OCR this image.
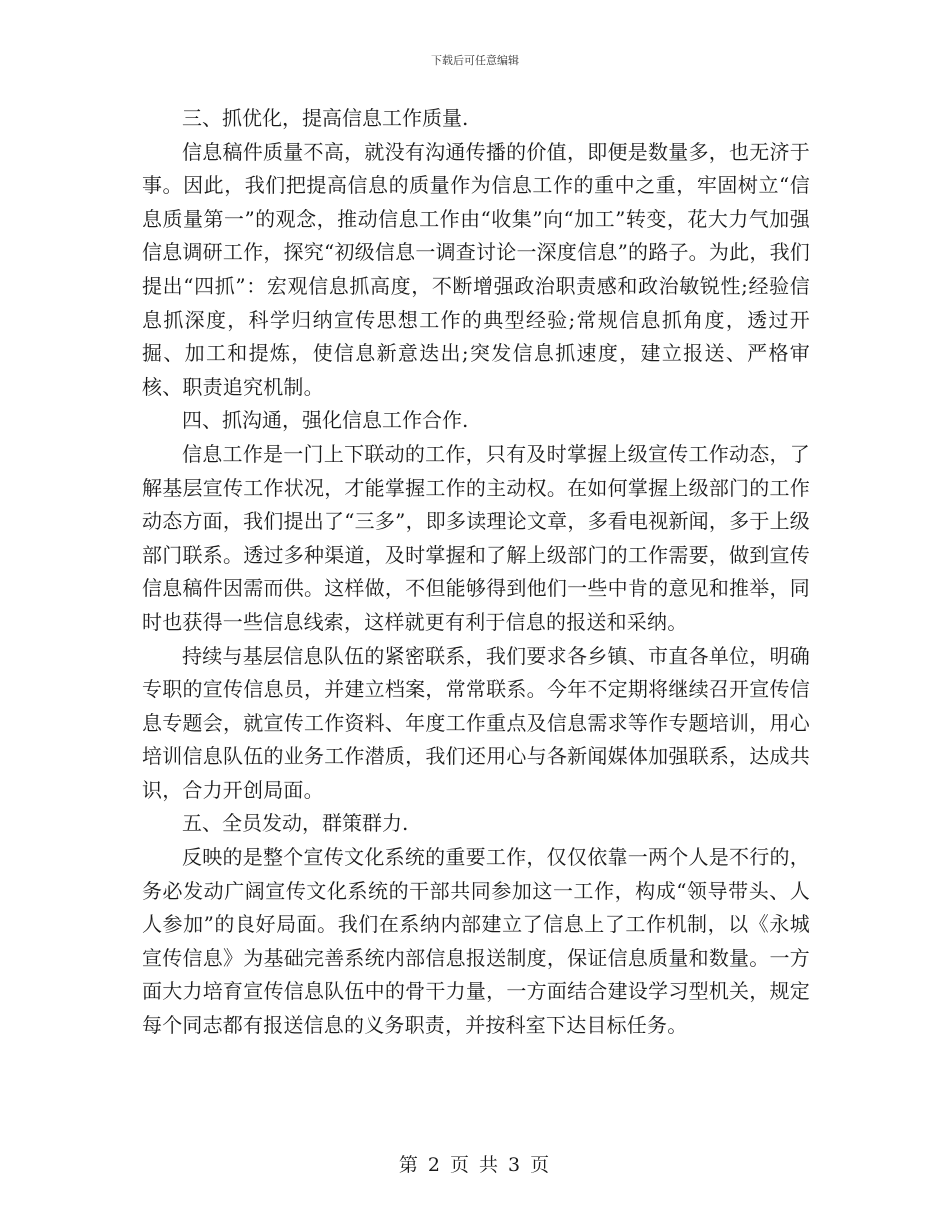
下载后可任意编辑

三、抓优化，提高信息工作质量.

信息稿件质量不高，就没有沟通传播的价值，即便是数量多，也无济于事。因此，我们把提高信息的质量作为信息工作的重中之重，牢固树立“信息质量第一”的观念，推动信息工作由“收集”向“加工”转变，花大力气加强信息调研工作，探究“初级信息一调查讨论一深度信息”的路子。为此，我们提出“四抓”：宏观信息抓高度，不断增强政治职责感和政治敏锐性;经验信息抓深度，科学归纳宣传思想工作的典型经验;常规信息抓角度，透过开掘、加工和提炼，使信息新意迭出;突发信息抓速度，建立报送、严格审核、职责追究机制。

四、抓沟通，强化信息工作合作.

信息工作是一门上下联动的工作，只有及时掌握上级宣传工作动态，了解基层宣传工作状况，才能掌握工作的主动权。在如何掌握上级部门的工作动态方面，我们提出了“三多”，即多读理论文章，多看电视新闻，多于上级部门联系。透过多种渠道，及时掌握和了解上级部门的工作需要，做到宣传信息稿件因需而供。这样做，不但能够得到他们一些中肯的意见和推举，同时也获得一些信息线索，这样就更有利于信息的报送和采纳。

持续与基层信息队伍的紧密联系，我们要求各乡镇、市直各单位，明确专职的宣传信息员，并建立档案，常常联系。今年不定期将继续召开宣传信息专题会，就宣传工作资料、年度工作重点及信息需求等作专题培训，用心培训信息队伍的业务工作潜质，我们还用心与各新闻媒体加强联系，达成共识，合力开创局面。

五、全员发动，群策群力.

反映的是整个宣传文化系统的重要工作，仅仅依靠一两个人是不行的，务必发动广阔宣传文化系统的干部共同参加这一工作，构成“领导带头、人人参加”的良好局面。我们在系纳内部建立了信息上了工作机制，以《永城宣传信息》为基础完善系统内部信息报送制度，保证信息质量和数量。一方面大力培育宣传信息队伍中的骨干力量，一方面结合建设学习型机关，规定每个同志都有报送信息的义务职责，并按科室下达目标任务。

第 2 页 共 3 页
